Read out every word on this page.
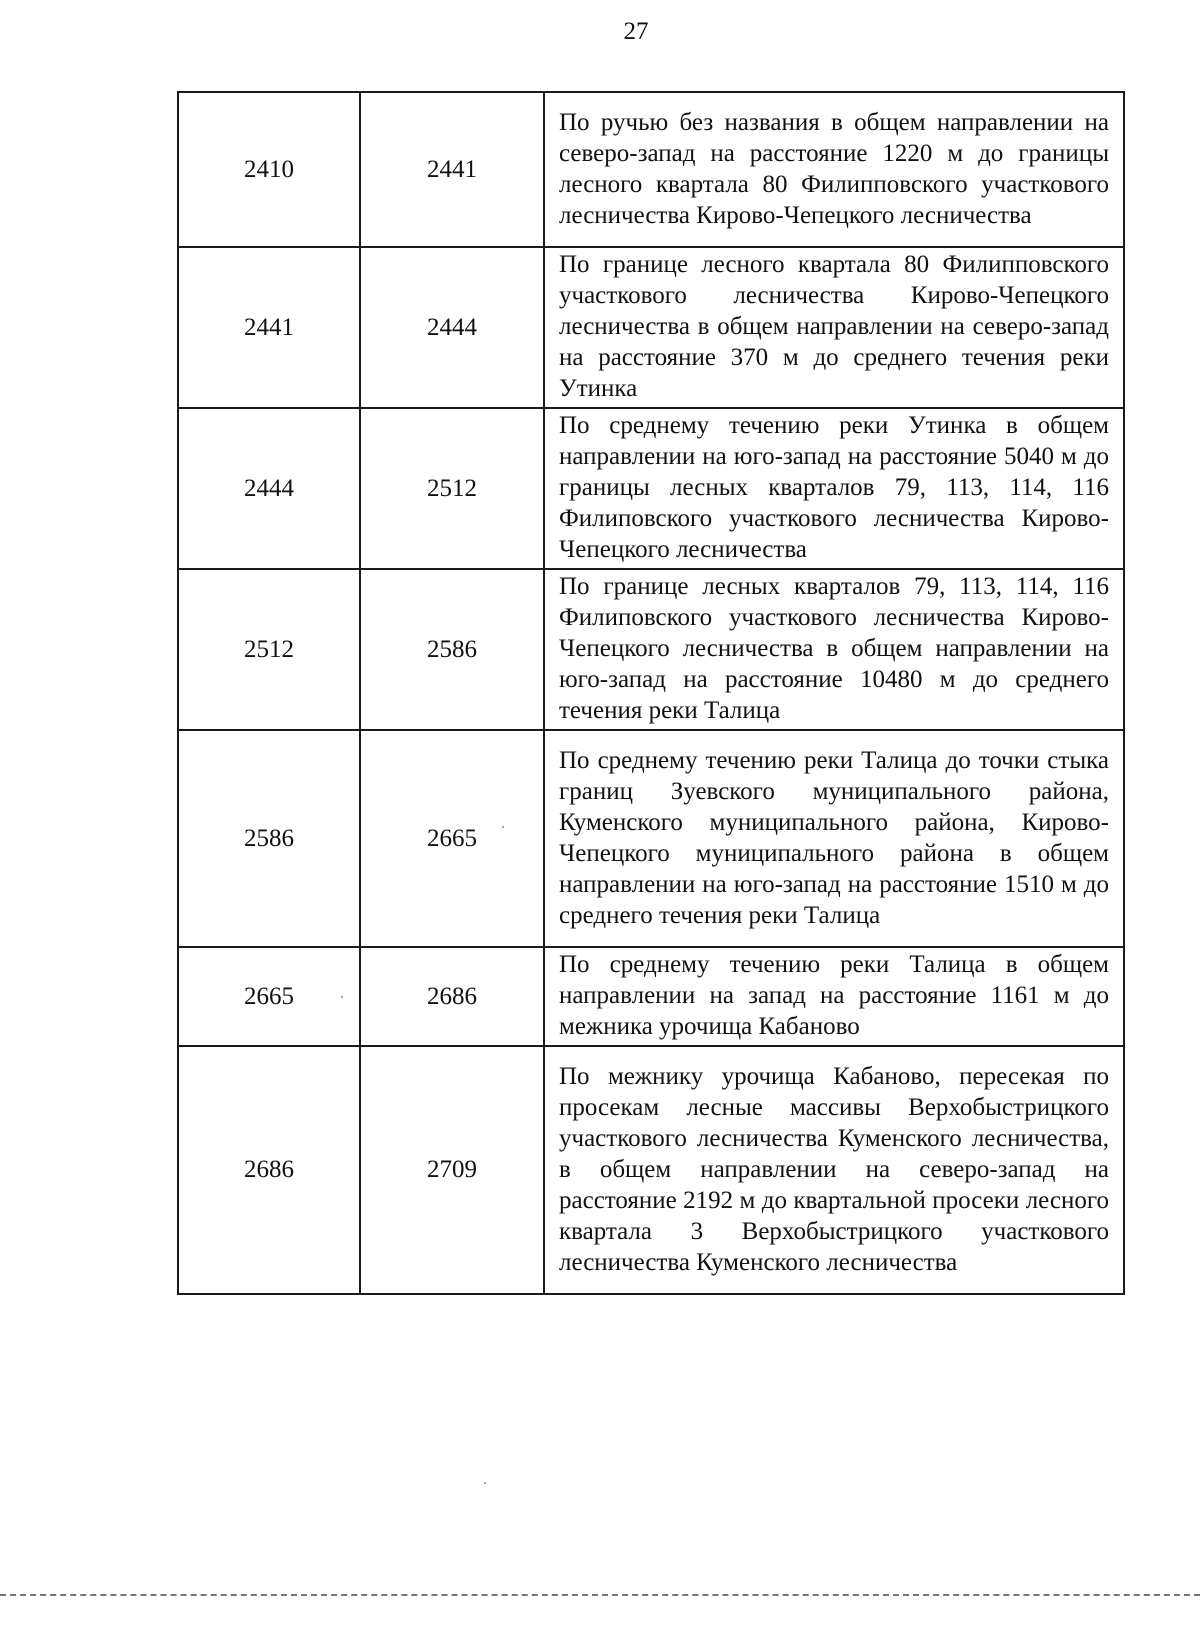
27
2410	2441	По ручью без названия в общем направлении на северо-запад на расстояние 1220 м до границы лесного квартала 80 Филипповского участкового лесничества Кирово-Чепецкого лесничества
2441	2444	По границе лесного квартала 80 Филипповского участкового лесничества Кирово-Чепецкого лесничества в общем направлении на северо-запад на расстояние 370 м до среднего течения реки Утинка
2444	2512	По среднему течению реки Утинка в общем направлении на юго-запад на расстояние 5040 м до границы лесных кварталов 79, 113, 114, 116 Филиповского участкового лесничества Кирово-Чепецкого лесничества
2512	2586	По границе лесных кварталов 79, 113, 114, 116 Филиповского участкового лесничества Кирово-Чепецкого лесничества в общем направлении на юго-запад на расстояние 10480 м до среднего течения реки Талица
2586	2665	По среднему течению реки Талица до точки стыка границ Зуевского муниципального района, Куменского муниципального района, Кирово-Чепецкого муниципального района в общем направлении на юго-запад на расстояние 1510 м до среднего течения реки Талица
2665	2686	По среднему течению реки Талица в общем направлении на запад на расстояние 1161 м до межника урочища Кабаново
2686	2709	По межнику урочища Кабаново, пересекая по просекам лесные массивы Верхобыстрицкого участкового лесничества Куменского лесничества, в общем направлении на северо-запад на расстояние 2192 м до квартальной просеки лесного квартала 3 Верхобыстрицкого участкового лесничества Куменского лесничества
